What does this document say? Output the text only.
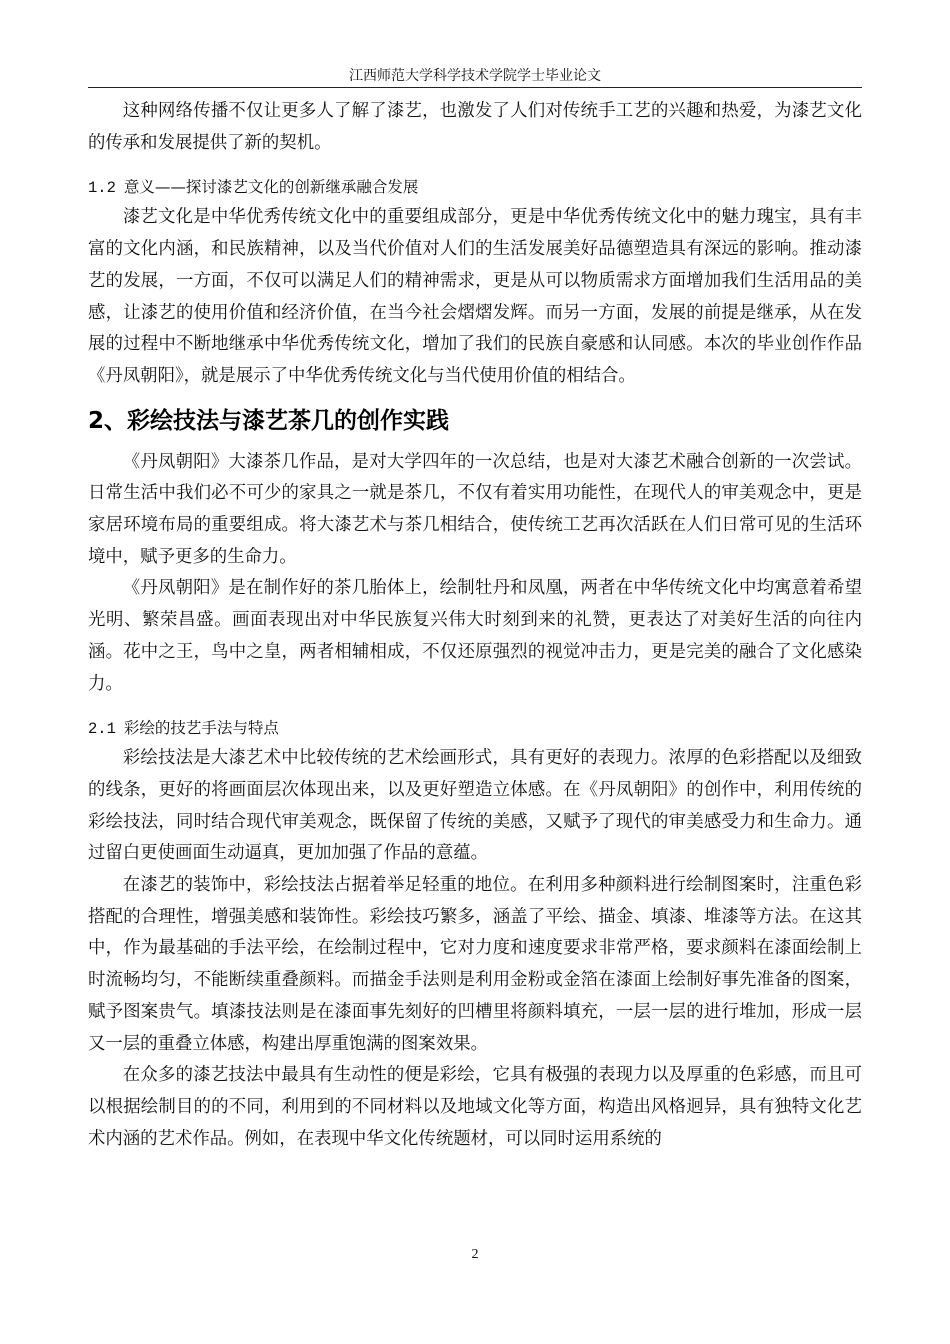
江西师范大学科学技术学院学士毕业论文

这种网络传播不仅让更多人了解了漆艺，也激发了人们对传统手工艺的兴趣和热爱，为漆艺文化的传承和发展提供了新的契机。

1.2 意义——探讨漆艺文化的创新继承融合发展

漆艺文化是中华优秀传统文化中的重要组成部分，更是中华优秀传统文化中的魅力瑰宝，具有丰富的文化内涵，和民族精神，以及当代价值对人们的生活发展美好品德塑造具有深远的影响。推动漆艺的发展，一方面，不仅可以满足人们的精神需求，更是从可以物质需求方面增加我们生活用品的美感，让漆艺的使用价值和经济价值，在当今社会熠熠发辉。而另一方面，发展的前提是继承，从在发展的过程中不断地继承中华优秀传统文化，增加了我们的民族自豪感和认同感。本次的毕业创作作品《丹凤朝阳》，就是展示了中华优秀传统文化与当代使用价值的相结合。

2、彩绘技法与漆艺茶几的创作实践

《丹凤朝阳》大漆茶几作品，是对大学四年的一次总结，也是对大漆艺术融合创新的一次尝试。日常生活中我们必不可少的家具之一就是茶几，不仅有着实用功能性，在现代人的审美观念中，更是家居环境布局的重要组成。将大漆艺术与茶几相结合，使传统工艺再次活跃在人们日常可见的生活环境中，赋予更多的生命力。

《丹凤朝阳》是在制作好的茶几胎体上，绘制牡丹和凤凰，两者在中华传统文化中均寓意着希望光明、繁荣昌盛。画面表现出对中华民族复兴伟大时刻到来的礼赞，更表达了对美好生活的向往内涵。花中之王，鸟中之皇，两者相辅相成，不仅还原强烈的视觉冲击力，更是完美的融合了文化感染力。

2.1 彩绘的技艺手法与特点

彩绘技法是大漆艺术中比较传统的艺术绘画形式，具有更好的表现力。浓厚的色彩搭配以及细致的线条，更好的将画面层次体现出来，以及更好塑造立体感。在《丹凤朝阳》的创作中，利用传统的彩绘技法，同时结合现代审美观念，既保留了传统的美感，又赋予了现代的审美感受力和生命力。通过留白更使画面生动逼真，更加加强了作品的意蕴。

在漆艺的装饰中，彩绘技法占据着举足轻重的地位。在利用多种颜料进行绘制图案时，注重色彩搭配的合理性，增强美感和装饰性。彩绘技巧繁多，涵盖了平绘、描金、填漆、堆漆等方法。在这其中，作为最基础的手法平绘，在绘制过程中，它对力度和速度要求非常严格，要求颜料在漆面绘制上时流畅均匀，不能断续重叠颜料。而描金手法则是利用金粉或金箔在漆面上绘制好事先准备的图案，赋予图案贵气。填漆技法则是在漆面事先刻好的凹槽里将颜料填充，一层一层的进行堆加，形成一层又一层的重叠立体感，构建出厚重饱满的图案效果。

在众多的漆艺技法中最具有生动性的便是彩绘，它具有极强的表现力以及厚重的色彩感，而且可以根据绘制目的的不同，利用到的不同材料以及地域文化等方面，构造出风格迥异，具有独特文化艺术内涵的艺术作品。例如，在表现中华文化传统题材，可以同时运用系统的

2
